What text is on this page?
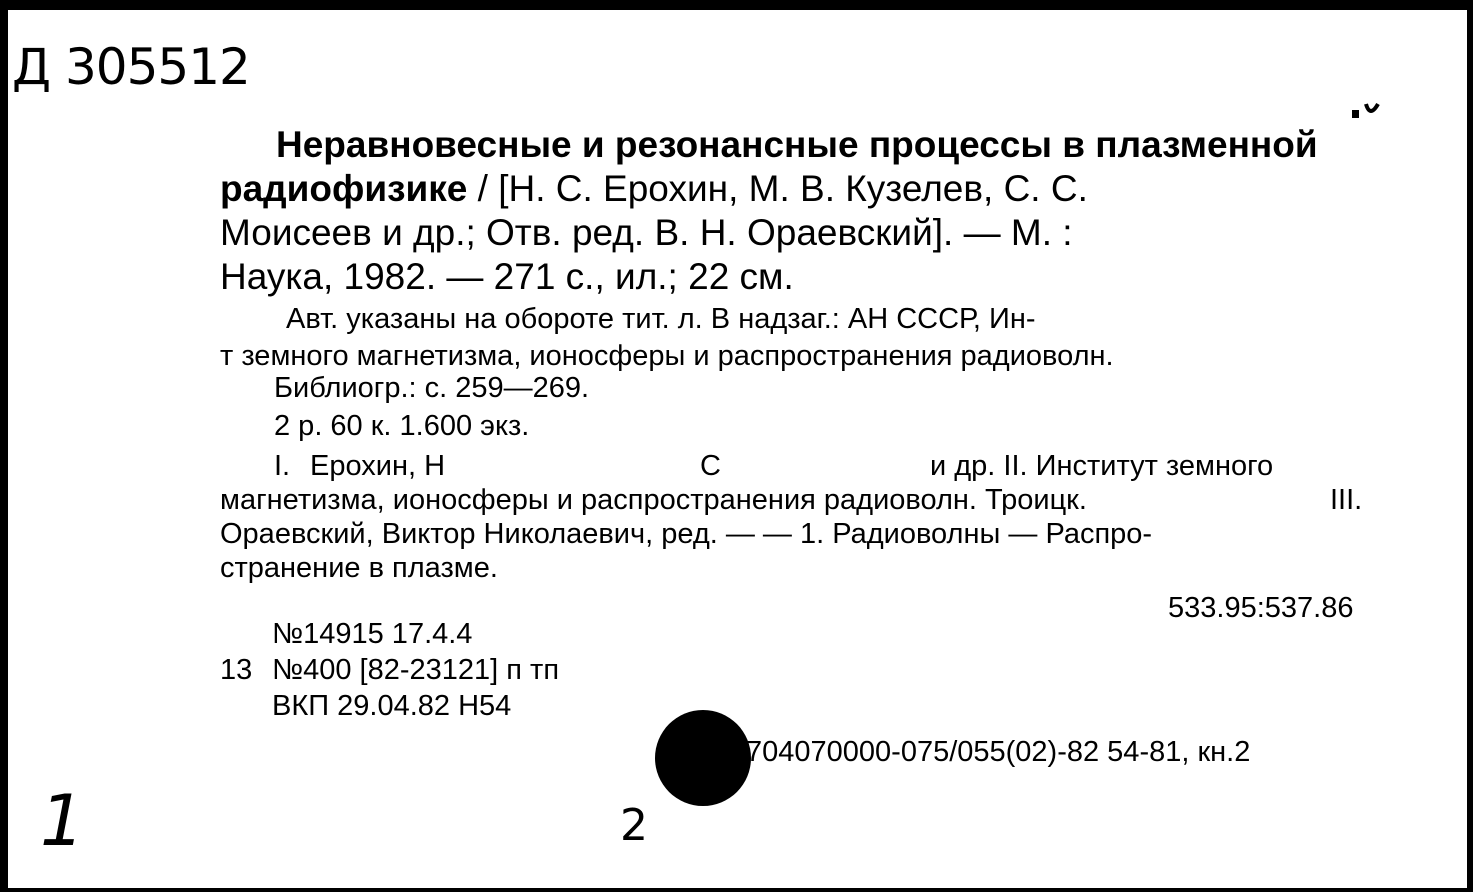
Д 305512
Неравновесные и резонансные процессы в плазменной
радиофизике / [Н. С. Ерохин, М. В. Кузелев, С. С.
Моисеев и др.; Отв. ред. В. Н. Ораевский]. — М. :
Наука, 1982. — 271 с., ил.; 22 см.
Авт. указаны на обороте тит. л. В надзаг.: АН СССР, Ин-
т земного магнетизма, ионосферы и распространения радиоволн.
Библиогр.: с. 259—269.
2 р. 60 к. 1.600 экз.
I. Ерохин, Н	С	и др. II. Институт земного
магнетизма, ионосферы и распространения радиоволн. Троицк.	III.
Ораевский, Виктор Николаевич, ред. — — 1. Радиоволны — Распро-
странение в плазме.
533.95:537.86
№14915 17.4.4
13 №400 [82-23121] п тп
ВКП 29.04.82 Н54
704070000-075/055(02)-82 54-81, кн.2
1	2
